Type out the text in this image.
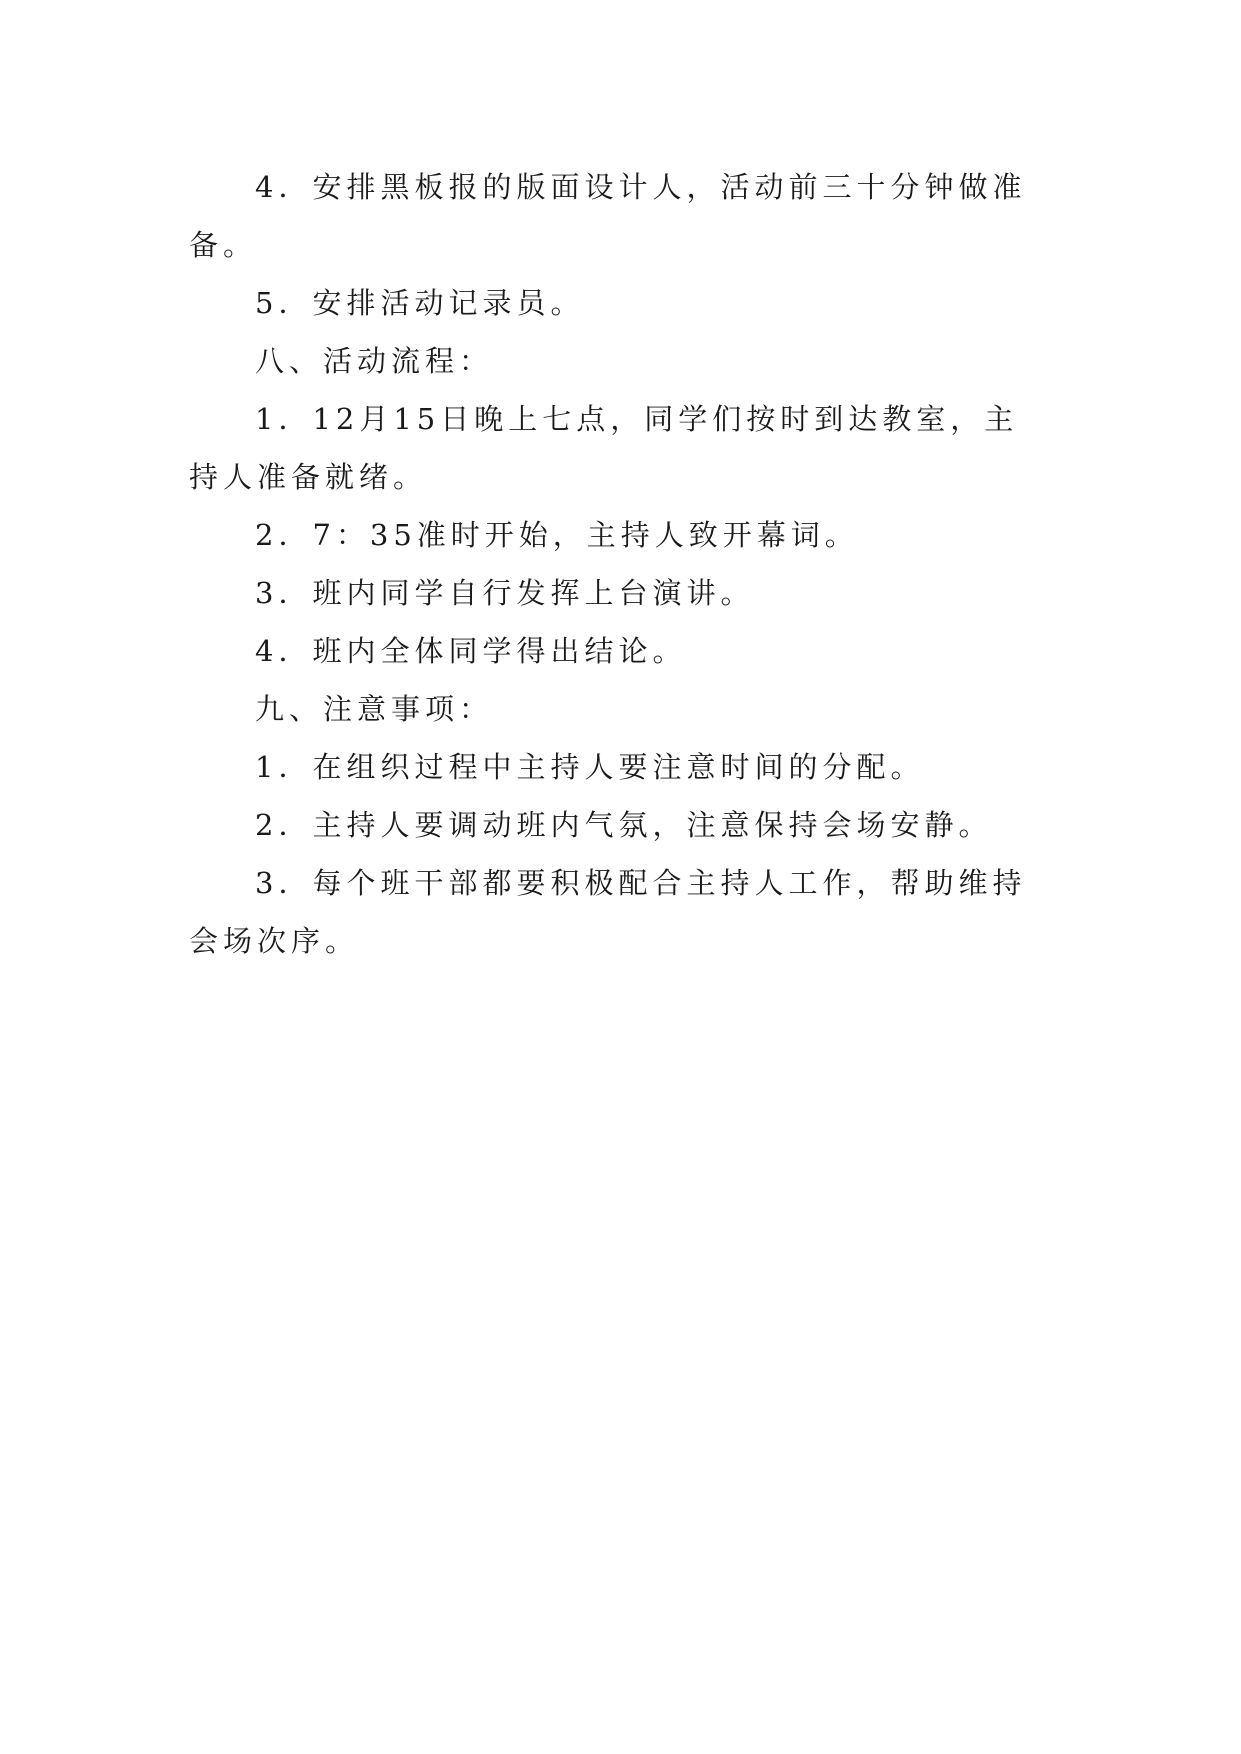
4．安排黑板报的版面设计人，活动前三十分钟做准备。

5．安排活动记录员。

八、活动流程：

1．12月15日晚上七点，同学们按时到达教室，主持人准备就绪。

2．7：35准时开始，主持人致开幕词。

3．班内同学自行发挥上台演讲。

4．班内全体同学得出结论。

九、注意事项：

1．在组织过程中主持人要注意时间的分配。

2．主持人要调动班内气氛，注意保持会场安静。

3．每个班干部都要积极配合主持人工作，帮助维持会场次序。
